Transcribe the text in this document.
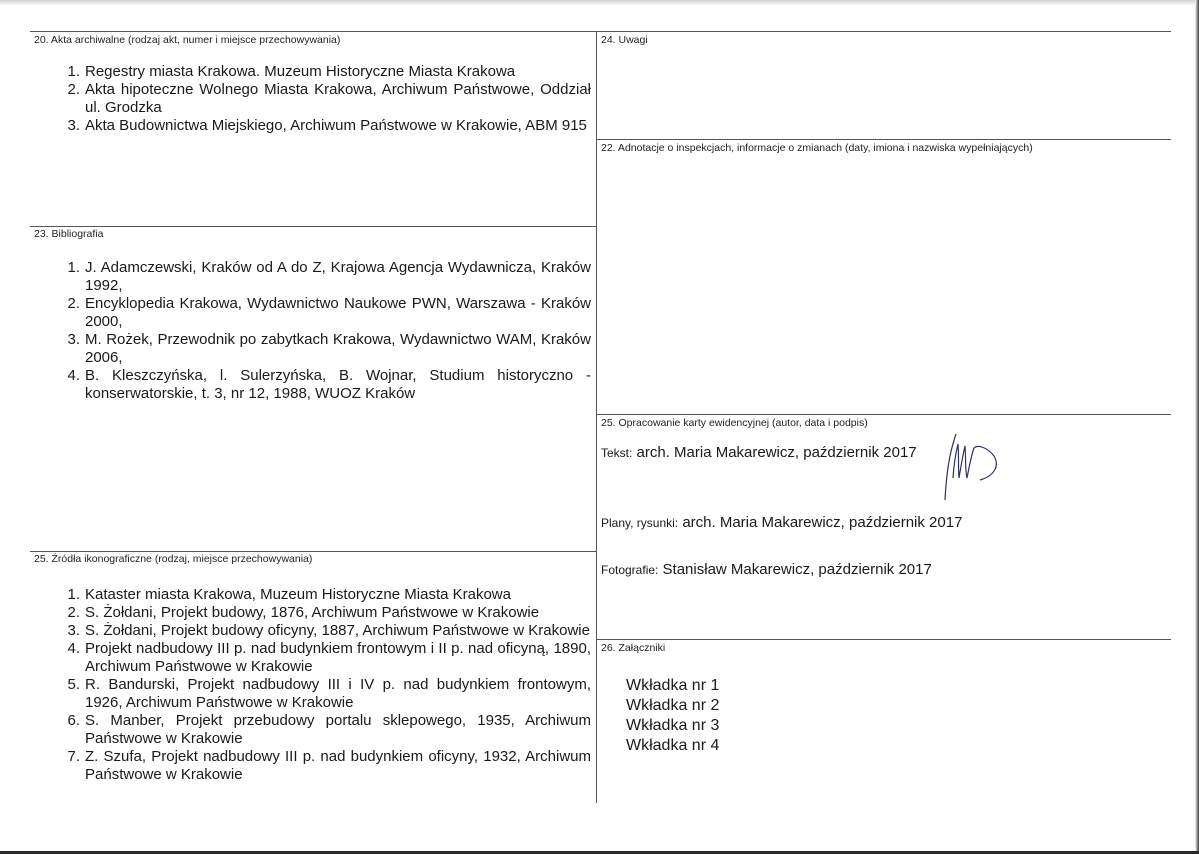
20. Akta archiwalne (rodzaj akt, numer i miejsce przechowywania)
1. Regestry miasta Krakowa. Muzeum Historyczne Miasta Krakowa
2. Akta hipoteczne Wolnego Miasta Krakowa, Archiwum Państwowe, Oddział ul. Grodzka
3. Akta Budownictwa Miejskiego, Archiwum Państwowe w Krakowie, ABM 915
23. Bibliografia
1. J. Adamczewski, Kraków od A do Z, Krajowa Agencja Wydawnicza, Kraków 1992,
2. Encyklopedia Krakowa, Wydawnictwo Naukowe PWN, Warszawa - Kraków 2000,
3. M. Rożek, Przewodnik po zabytkach Krakowa, Wydawnictwo WAM, Kraków 2006,
4. B. Kleszczyńska, l. Sulerzyńska, B. Wojnar, Studium historyczno - konserwatorskie, t. 3, nr 12, 1988, WUOZ Kraków
25. Źródła ikonograficzne (rodzaj, miejsce przechowywania)
1. Kataster miasta Krakowa, Muzeum Historyczne Miasta Krakowa
2. S. Żołdani, Projekt budowy, 1876, Archiwum Państwowe w Krakowie
3. S. Żołdani, Projekt budowy oficyny, 1887, Archiwum Państwowe w Krakowie
4. Projekt nadbudowy III p. nad budynkiem frontowym i II p. nad oficyną, 1890, Archiwum Państwowe w Krakowie
5. R. Bandurski, Projekt nadbudowy III i IV p. nad budynkiem frontowym, 1926, Archiwum Państwowe w Krakowie
6. S. Manber, Projekt przebudowy portalu sklepowego, 1935, Archiwum Państwowe w Krakowie
7. Z. Szufa, Projekt nadbudowy III p. nad budynkiem oficyny, 1932, Archiwum Państwowe w Krakowie
24. Uwagi
22. Adnotacje o inspekcjach, informacje o zmianach (daty, imiona i nazwiska wypełniających)
25. Opracowanie karty ewidencyjnej (autor, data i podpis)
Tekst: arch. Maria Makarewicz, październik 2017
Plany, rysunki: arch. Maria Makarewicz, październik 2017
Fotografie: Stanisław Makarewicz, październik 2017
26. Załączniki
Wkładka nr 1
Wkładka nr 2
Wkładka nr 3
Wkładka nr 4
